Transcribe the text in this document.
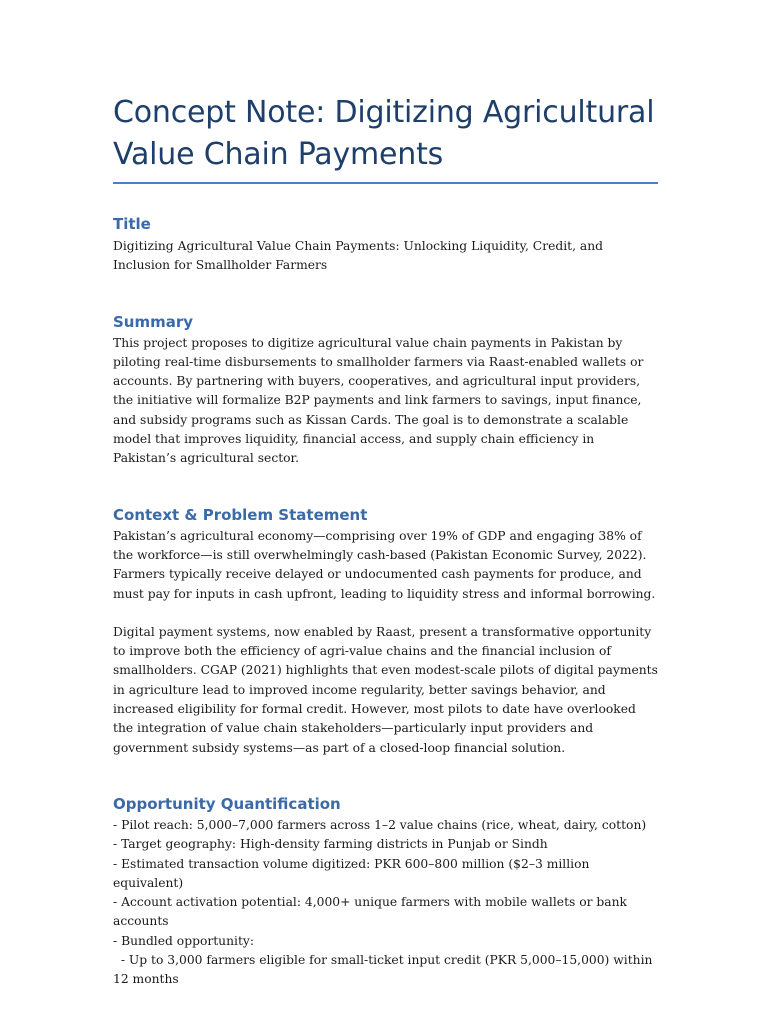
Concept Note: Digitizing Agricultural Value Chain Payments
Title

Digitizing Agricultural Value Chain Payments: Unlocking Liquidity, Credit, and Inclusion for Smallholder Farmers

Summary

This project proposes to digitize agricultural value chain payments in Pakistan by piloting real-time disbursements to smallholder farmers via Raast-enabled wallets or accounts. By partnering with buyers, cooperatives, and agricultural input providers, the initiative will formalize B2P payments and link farmers to savings, input finance, and subsidy programs such as Kissan Cards. The goal is to demonstrate a scalable model that improves liquidity, financial access, and supply chain efficiency in Pakistan’s agricultural sector.

Context & Problem Statement

Pakistan’s agricultural economy—comprising over 19% of GDP and engaging 38% of the workforce—is still overwhelmingly cash-based (Pakistan Economic Survey, 2022). Farmers typically receive delayed or undocumented cash payments for produce, and must pay for inputs in cash upfront, leading to liquidity stress and informal borrowing.

Digital payment systems, now enabled by Raast, present a transformative opportunity to improve both the efficiency of agri-value chains and the financial inclusion of smallholders. CGAP (2021) highlights that even modest-scale pilots of digital payments in agriculture lead to improved income regularity, better savings behavior, and increased eligibility for formal credit. However, most pilots to date have overlooked the integration of value chain stakeholders—particularly input providers and government subsidy systems—as part of a closed-loop financial solution.

Opportunity Quantification

- Pilot reach: 5,000–7,000 farmers across 1–2 value chains (rice, wheat, dairy, cotton)

- Target geography: High-density farming districts in Punjab or Sindh

- Estimated transaction volume digitized: PKR 600–800 million ($2–3 million equivalent)

- Account activation potential: 4,000+ unique farmers with mobile wallets or bank accounts

- Bundled opportunity:

- Up to 3,000 farmers eligible for small-ticket input credit (PKR 5,000–15,000) within 12 months
